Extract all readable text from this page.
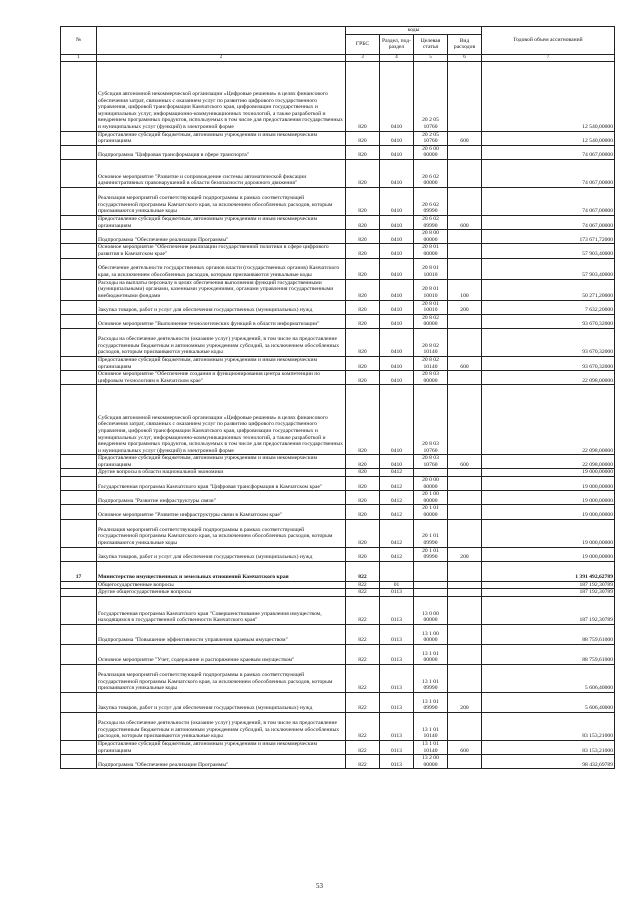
№		коды				Годовой объем ассигнований
		ГРБС	Раздел, под-раздел	Целевая статья	Вид расходов	
1	2	3	4	5	6	7
	Субсидия автономной некоммерческой организации «Цифровые решения» в целях финансового обеспечения затрат, связанных с оказанием услуг по развитию цифрового государственного управления, цифровой трансформации Камчатского края, цифровизации государственных и муниципальных услуг, информационно-коммуникационных технологий, а также разработкой и внедрением программных продуктов, используемых в том числе для предоставления государственных и муниципальных услуг (функций) в электронной форме	820	0410	20 2 05 10760		12 540,00000
	Предоставление субсидий бюджетным, автономным учреждениям и иным некоммерческим организациям	820	0410	20 2 05 10760	600	12 540,00000
	Подпрограмма "Цифровая трансформация в сфере транспорта"	820	0410	20 6 00 00000		74 067,00000
	Основное мероприятие "Развитие и сопровождение системы автоматической фиксации административных правонарушений в области безопасности дорожного движения"	820	0410	20 6 02 00000		74 067,00000
	Реализация мероприятий соответствующей подпрограммы в рамках соответствующей государственной программы Камчатского края, за исключением обособленных расходов, которым присваиваются уникальные коды	820	0410	20 6 02 09990		74 067,00000
	Предоставление субсидий бюджетным, автономным учреждениям и иным некоммерческим организациям	820	0410	20 6 02 09990	600	74 067,00000
	Подпрограмма "Обеспечение реализации Программы"	820	0410	20 8 00 00000		173 671,72000
	Основное мероприятие "Обеспечение реализации государственной политики в сфере цифрового развития в Камчатском крае"	820	0410	20 8 01 00000		57 903,40000
	Обеспечение деятельности государственных органов власти (государственных органов) Камчатского края, за исключением обособленных расходов, которым присваиваются уникальные коды	820	0410	20 8 01 10010		57 903,40000
	Расходы на выплаты персоналу в целях обеспечения выполнения функций государственными (муниципальными) органами, казенными учреждениями, органами управления государственными внебюджетными фондами	820	0410	20 8 01 10010	100	50 271,20000
	Закупка товаров, работ и услуг для обеспечения государственных (муниципальных) нужд	820	0410	20 8 01 10010	200	7 632,20000
	Основное мероприятие "Выполнение технологических функций в области информатизации"	820	0410	20 8 02 00000		93 670,32000
	Расходы на обеспечение деятельности (оказание услуг) учреждений, в том числе на предоставление государственным бюджетным и автономным учреждениям субсидий, за исключением обособленных расходов, которым присваиваются уникальные коды	820	0410	20 8 02 10140		93 670,32000
	Предоставление субсидий бюджетным, автономным учреждениям и иным некоммерческим организациям	820	0410	20 8 02 10140	600	93 670,32000
	Основное мероприятие "Обеспечение создания и функционирования центра компетенции по цифровым технологиям в Камчатском крае"	820	0410	20 8 03 00000		22 098,00000
	Субсидия автономной некоммерческой организации «Цифровые решения» в целях финансового обеспечения затрат, связанных с оказанием услуг по развитию цифрового государственного управления, цифровой трансформации Камчатского края, цифровизации государственных и муниципальных услуг, информационно-коммуникационных технологий, а также разработкой и внедрением программных продуктов, используемых в том числе для предоставления государственных и муниципальных услуг (функций) в электронной форме	820	0410	20 8 03 10760		22 098,00000
	Предоставление субсидий бюджетным, автономным учреждениям и иным некоммерческим организациям	820	0410	20 8 03 10760	600	22 098,00000
	Другие вопросы в области национальной экономики	820	0412			19 000,00000
	Государственная программа Камчатского края "Цифровая трансформация в Камчатском крае"	820	0412	20 0 00 00000		19 000,00000
	Подпрограмма "Развитие инфраструктуры связи"	820	0412	20 1 00 00000		19 000,00000
	Основное мероприятие "Развитие инфраструктуры связи в Камчатском крае"	820	0412	20 1 01 00000		19 000,00000
	Реализация мероприятий соответствующей подпрограммы в рамках соответствующей государственной программы Камчатского края, за исключением обособленных расходов, которым присваиваются уникальные коды	820	0412	20 1 01 09990		19 000,00000
	Закупка товаров, работ и услуг для обеспечения государственных (муниципальных) нужд	820	0412	20 1 01 09990	200	19 000,00000
17	Министерство имущественных и земельных отношений Камчатского края	822				1 391 492,62789
	Общегосударственные вопросы	822	01			187 192,30789
	Другие общегосударственные вопросы	822	0113			187 192,30789
	Государственная программа Камчатского края "Совершенствование управления имуществом, находящимся в государственной собственности Камчатского края"	822	0113	13 0 00 00000		187 192,30789
	Подпрограмма "Повышение эффективности управления краевым имуществом"	822	0113	13 1 00 00000		88 759,61000
	Основное мероприятие "Учет, содержание и распоряжение краевым имуществом"	822	0113	13 1 01 00000		88 759,61000
	Реализация мероприятий соответствующей подпрограммы в рамках соответствующей государственной программы Камчатского края, за исключением обособленных расходов, которым присваиваются уникальные коды	822	0113	13 1 01 09990		5 606,40000
	Закупка товаров, работ и услуг для обеспечения государственных (муниципальных) нужд	822	0113	13 1 01 09990	200	5 606,40000
	Расходы на обеспечение деятельности (оказание услуг) учреждений, в том числе на предоставление государственным бюджетным и автономным учреждениям субсидий, за исключением обособленных расходов, которым присваиваются уникальные коды	822	0113	13 1 01 10140		83 153,21000
	Предоставление субсидий бюджетным, автономным учреждениям и иным некоммерческим организациям	822	0113	13 1 01 10140	600	83 153,21000
	Подпрограмма "Обеспечение реализации Программы"	822	0113	13 2 00 00000		98 432,69789
53
